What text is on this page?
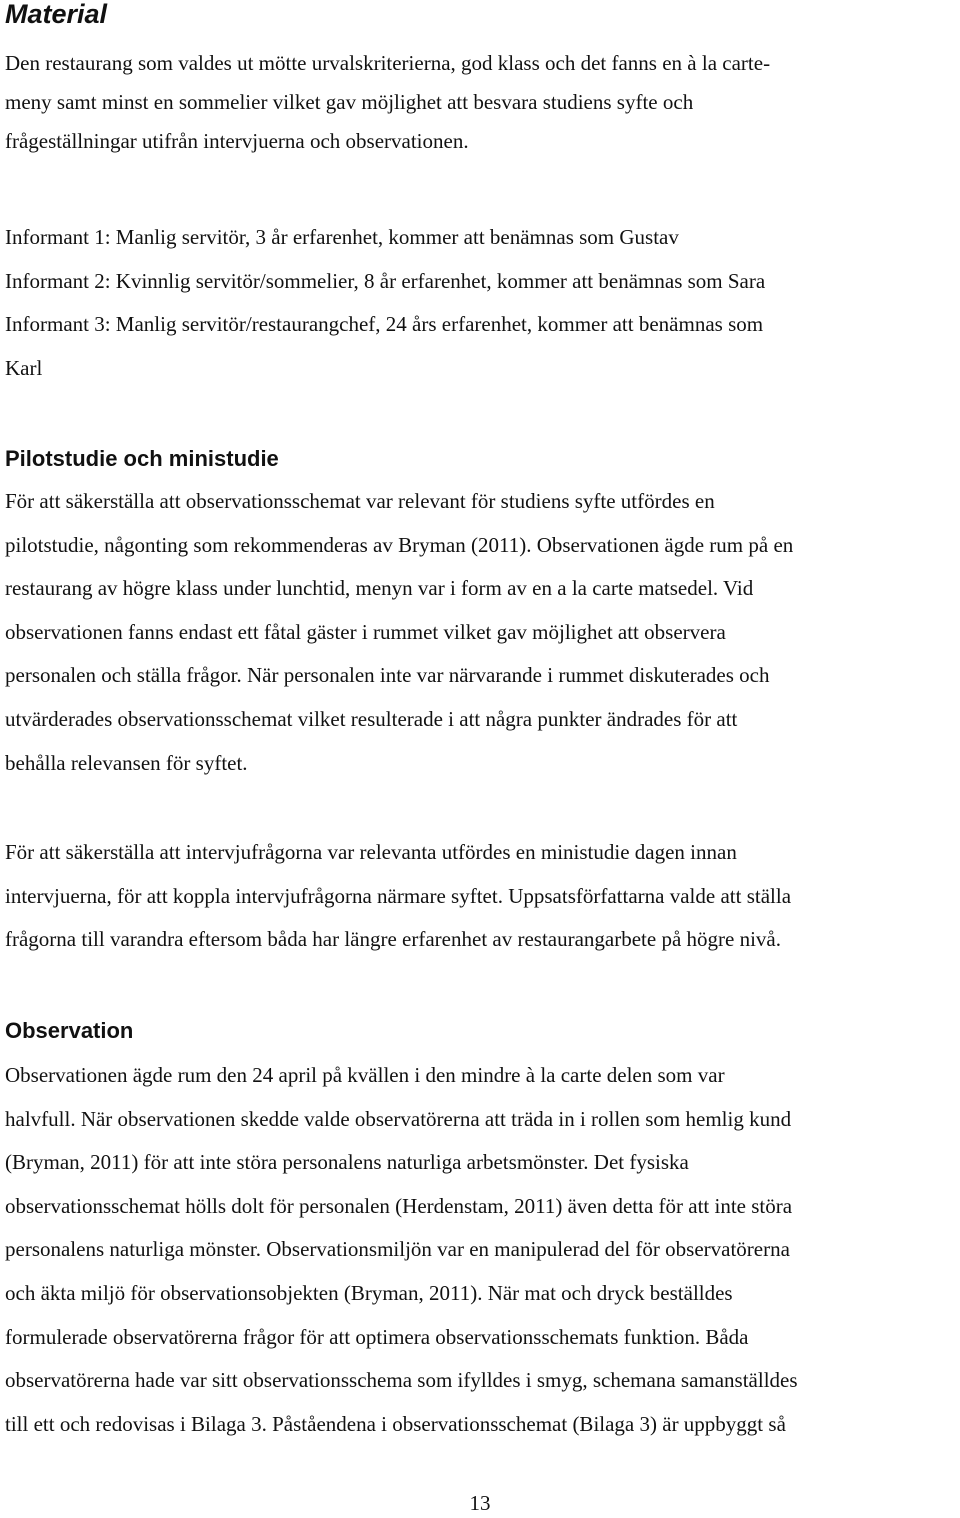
Material

Den restaurang som valdes ut mötte urvalskriterierna, god klass och det fanns en à la carte-
meny samt minst en sommelier vilket gav möjlighet att besvara studiens syfte och
frågeställningar utifrån intervjuerna och observationen.

Informant 1: Manlig servitör, 3 år erfarenhet, kommer att benämnas som Gustav
Informant 2: Kvinnlig servitör/sommelier, 8 år erfarenhet, kommer att benämnas som Sara
Informant 3: Manlig servitör/restaurangchef, 24 års erfarenhet, kommer att benämnas som
Karl

Pilotstudie och ministudie

För att säkerställa att observationsschemat var relevant för studiens syfte utfördes en
pilotstudie, någonting som rekommenderas av Bryman (2011). Observationen ägde rum på en
restaurang av högre klass under lunchtid, menyn var i form av en a la carte matsedel. Vid
observationen fanns endast ett fåtal gäster i rummet vilket gav möjlighet att observera
personalen och ställa frågor. När personalen inte var närvarande i rummet diskuterades och
utvärderades observationsschemat vilket resulterade i att några punkter ändrades för att
behålla relevansen för syftet.

För att säkerställa att intervjufrågorna var relevanta utfördes en ministudie dagen innan
intervjuerna, för att koppla intervjufrågorna närmare syftet. Uppsatsförfattarna valde att ställa
frågorna till varandra eftersom båda har längre erfarenhet av restaurangarbete på högre nivå.

Observation

Observationen ägde rum den 24 april på kvällen i den mindre à la carte delen som var
halvfull. När observationen skedde valde observatörerna att träda in i rollen som hemlig kund
(Bryman, 2011) för att inte störa personalens naturliga arbetsmönster. Det fysiska
observationsschemat hölls dolt för personalen (Herdenstam, 2011) även detta för att inte störa
personalens naturliga mönster. Observationsmiljön var en manipulerad del för observatörerna
och äkta miljö för observationsobjekten (Bryman, 2011). När mat och dryck beställdes
formulerade observatörerna frågor för att optimera observationsschemats funktion. Båda
observatörerna hade var sitt observationsschema som ifylldes i smyg, schemana samanställdes
till ett och redovisas i Bilaga 3. Påståendena i observationsschemat (Bilaga 3) är uppbyggt så

13
